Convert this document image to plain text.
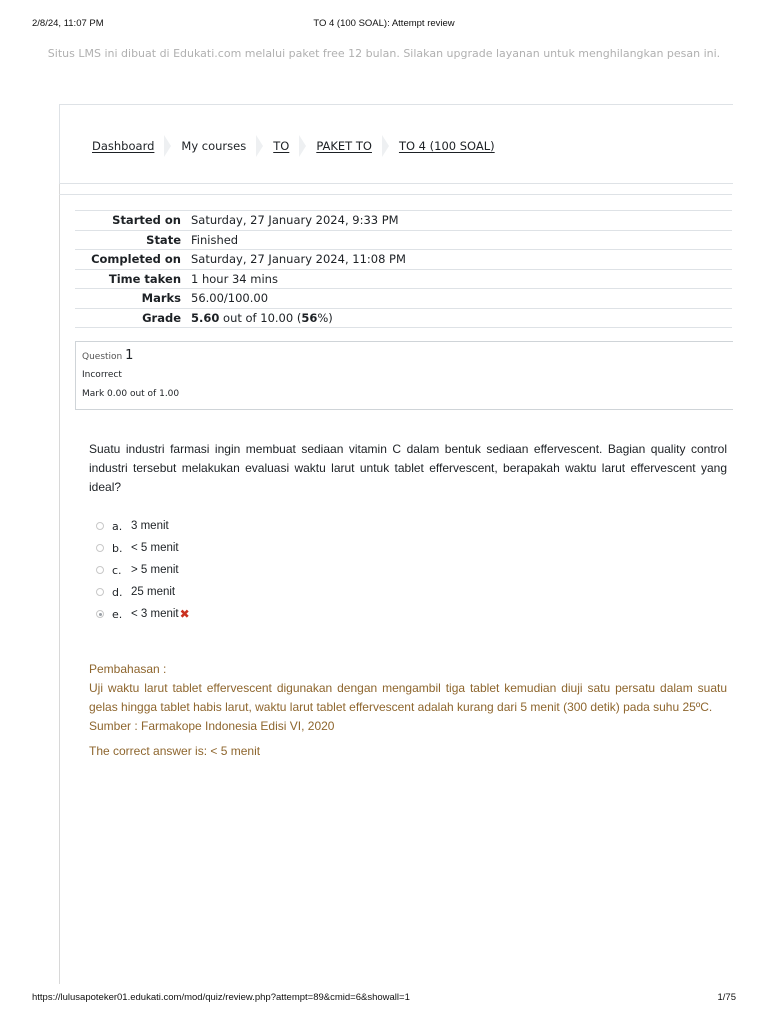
2/8/24, 11:07 PM	TO 4 (100 SOAL): Attempt review
Situs LMS ini dibuat di Edukati.com melalui paket free 12 bulan. Silakan upgrade layanan untuk menghilangkan pesan ini.
Dashboard My courses TO PAKET TO TO 4 (100 SOAL)
Started on	Saturday, 27 January 2024, 9:33 PM
State	Finished
Completed on	Saturday, 27 January 2024, 11:08 PM
Time taken	1 hour 34 mins
Marks	56.00/100.00
Grade	5.60 out of 10.00 (56%)
Question 1
Incorrect
Mark 0.00 out of 1.00
Suatu industri farmasi ingin membuat sediaan vitamin C dalam bentuk sediaan effervescent. Bagian quality control industri tersebut melakukan evaluasi waktu larut untuk tablet effervescent, berapakah waktu larut effervescent yang ideal?
a. 3 menit
b. < 5 menit
c. > 5 menit
d. 25 menit
e. < 3 menit ✖

Pembahasan :

Uji waktu larut tablet effervescent digunakan dengan mengambil tiga tablet kemudian diuji satu persatu dalam suatu gelas hingga tablet habis larut, waktu larut tablet effervescent adalah kurang dari 5 menit (300 detik) pada suhu 25ºC.

Sumber : Farmakope Indonesia Edisi VI, 2020

The correct answer is: < 5 menit

https://lulusapoteker01.edukati.com/mod/quiz/review.php?attempt=89&cmid=6&showall=1	1/75
